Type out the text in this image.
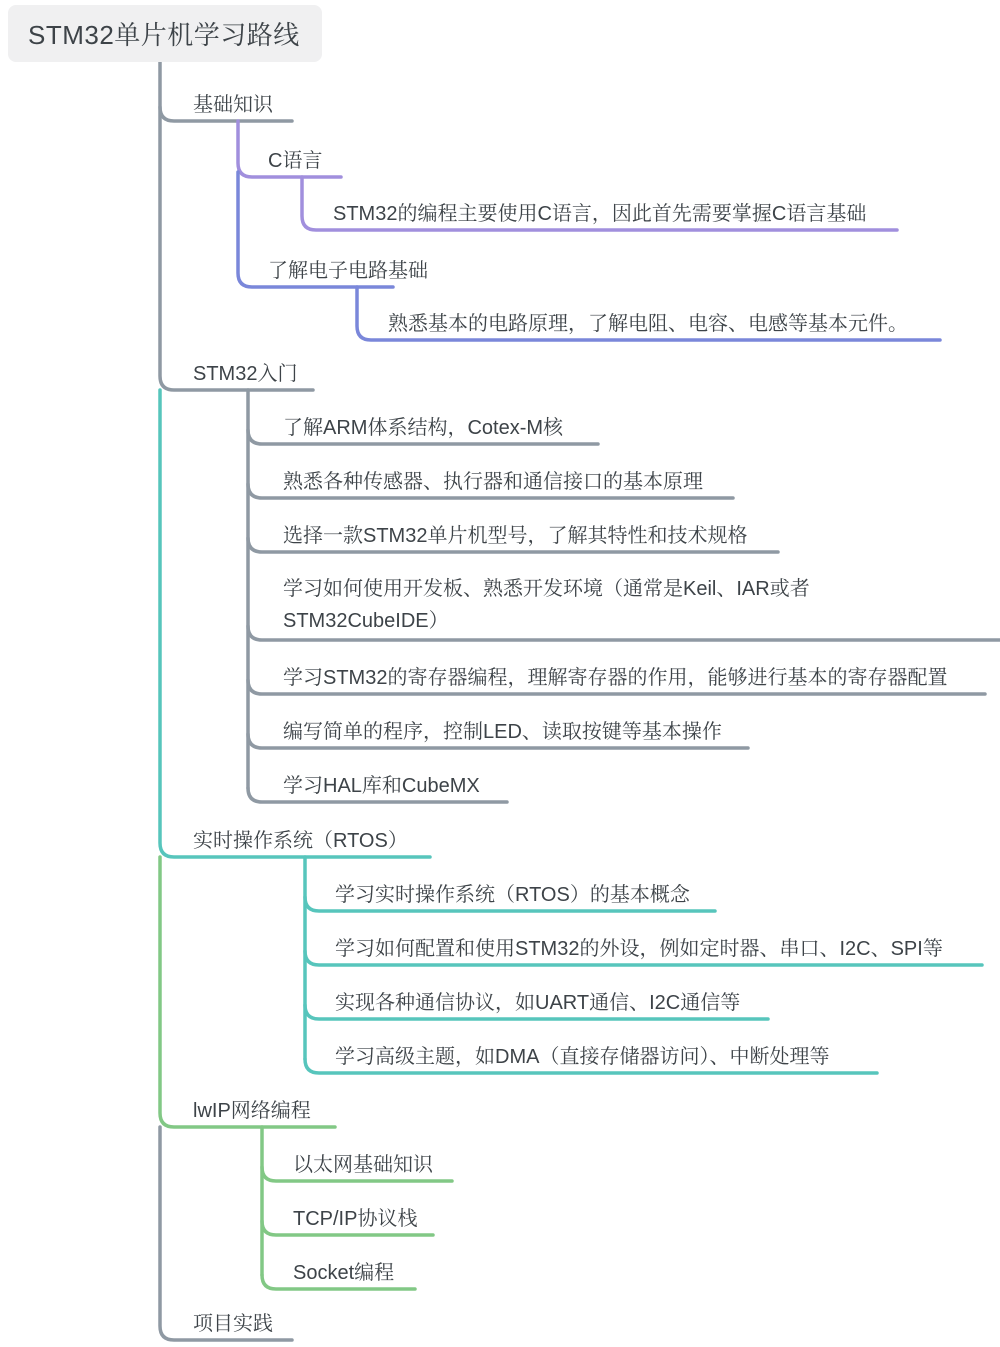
STM32单片机学习路线
基础知识
STM32入门
实时操作系统（RTOS）
lwIP网络编程
项目实践
C语言
STM32的编程主要使用C语言，因此首先需要掌握C语言基础
了解电子电路基础
熟悉基本的电路原理，了解电阻、电容、电感等基本元件。
了解ARM体系结构，Cotex-M核
熟悉各种传感器、执行器和通信接口的基本原理
选择一款STM32单片机型号，了解其特性和技术规格
学习如何使用开发板、熟悉开发环境（通常是Keil、IAR或者STM32CubeIDE）
学习STM32的寄存器编程，理解寄存器的作用，能够进行基本的寄存器配置
编写简单的程序，控制LED、读取按键等基本操作
学习HAL库和CubeMX
学习实时操作系统（RTOS）的基本概念
学习如何配置和使用STM32的外设，例如定时器、串口、I2C、SPI等
实现各种通信协议，如UART通信、I2C通信等
学习高级主题，如DMA（直接存储器访问）、中断处理等
以太网基础知识
TCP/IP协议栈
Socket编程
